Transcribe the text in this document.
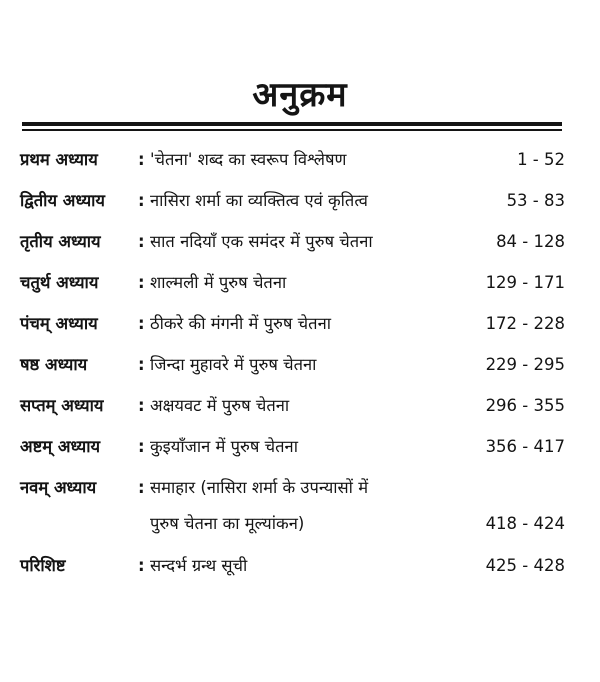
अनुक्रम
प्रथम अध्याय : 'चेतना' शब्द का स्वरूप विश्लेषण	1 - 52
द्वितीय अध्याय : नासिरा शर्मा का व्यक्तित्व एवं कृतित्व	53 - 83
तृतीय अध्याय : सात नदियाँ एक समंदर में पुरुष चेतना	84 - 128
चतुर्थ अध्याय : शाल्मली में पुरुष चेतना	129 - 171
पंचम् अध्याय : ठीकरे की मंगनी में पुरुष चेतना	172 - 228
षष्ठ अध्याय	: जिन्दा मुहावरे में पुरुष चेतना	229 - 295
सप्तम् अध्याय : अक्षयवट में पुरुष चेतना	296 - 355
अष्टम् अध्याय : कुइयाँजान में पुरुष चेतना	356 - 417
नवम् अध्याय	: समाहार (नासिरा शर्मा के उपन्यासों में
पुरुष चेतना का मूल्यांकन)	418 - 424
परिशिष्ट	: सन्दर्भ ग्रन्थ सूची	425 - 428
